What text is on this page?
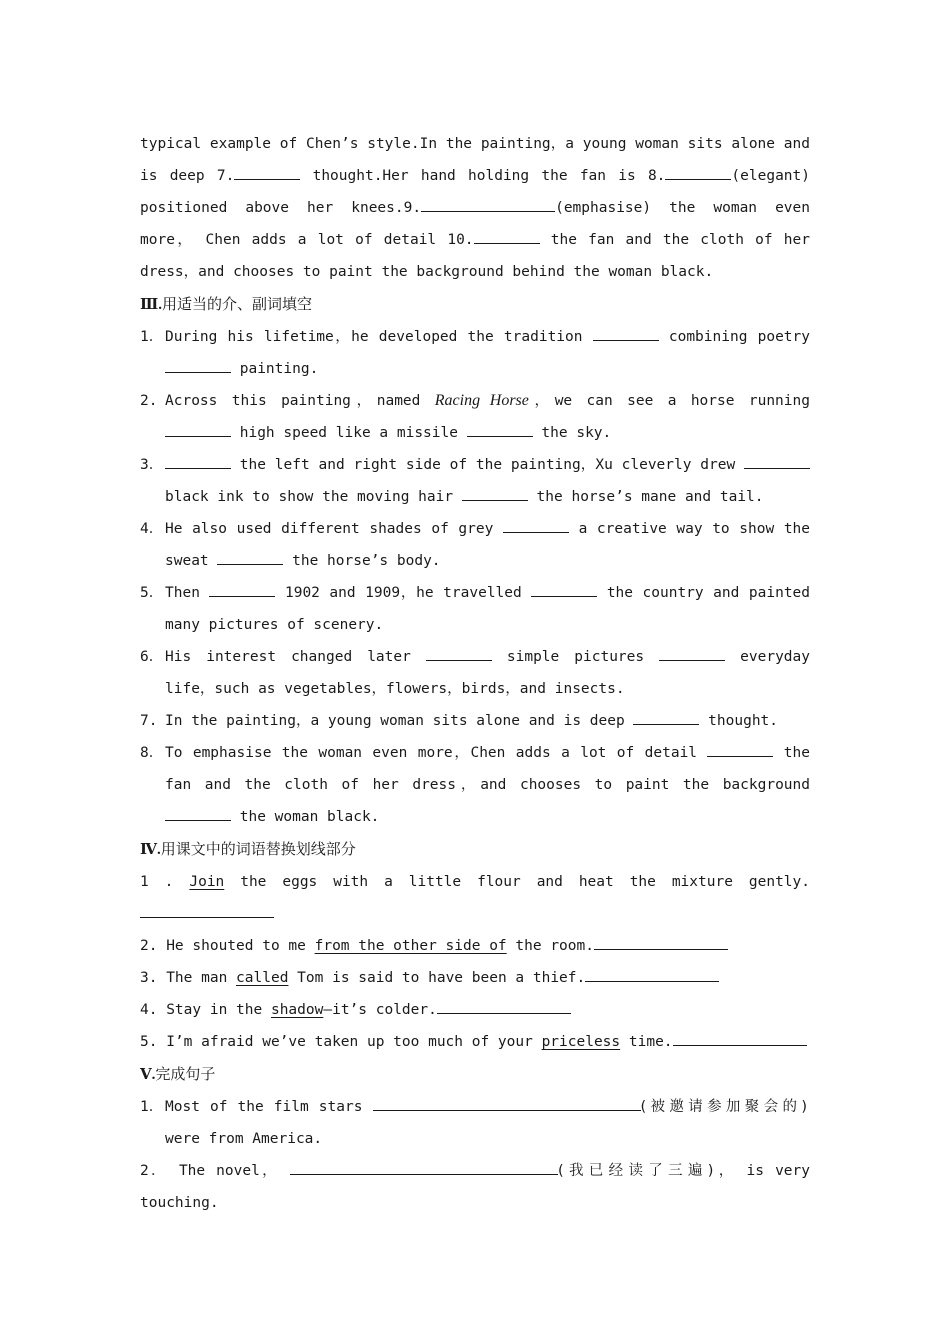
typical example of Chen’s style.In the painting，a young woman sits alone and is deep 7.	thought.Her hand holding the fan is 8.	(elegant) positioned above her knees.9.	(emphasise) the woman even more， Chen adds a lot of detail 10.	the fan and the cloth of her dress，and chooses to paint the background behind the woman black.

Ⅲ.用适当的介、副词填空

1． During his lifetime，he developed the tradition	combining poetry  painting.
2. Across this painting，named Racing Horse，we can see a horse running  high speed like a missile	the sky.
3．	the left and right side of the painting，Xu cleverly drew  black ink to show the moving hair	the horse’s mane and tail.
4． He also used different shades of grey	a creative way to show the sweat	the horse’s body.
5． Then	1902 and 1909，he travelled	the country and painted many pictures of scenery.
6． His interest changed later	simple pictures	everyday life，such as vegetables，flowers，birds，and insects.
7. In the painting，a young woman sits alone and is deep	thought.
8． To emphasise the woman even more，Chen adds a lot of detail	the fan and the cloth of her dress，and chooses to paint the background  the woman black.

Ⅳ.用课文中的词语替换划线部分

1 . Join the eggs with a little flour and heat the mixture gently.

2. He shouted to me from the other side of the room.

3. The man called Tom is said to have been a thief.

4. Stay in the shadow—it’s colder.

5. I’m afraid we’ve taken up too much of your priceless time.

Ⅴ.完成句子

1． Most of the film stars	(被邀请参加聚会的) were from America.

2． The novel，	(我已经读了三遍)， is very touching.
